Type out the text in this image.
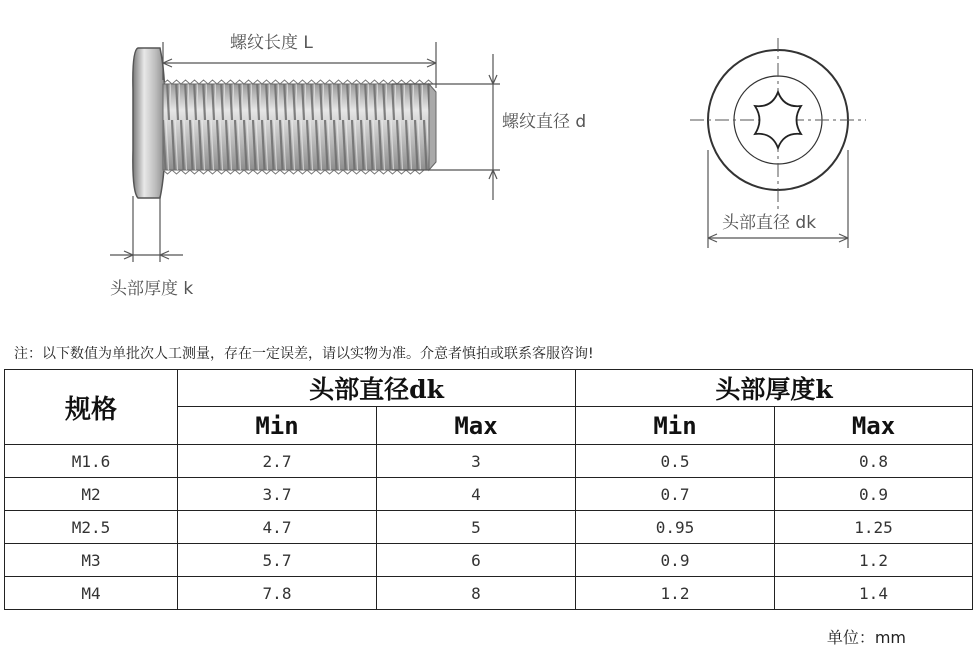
螺纹长度 L
螺纹直径 d
头部厚度 k
头部直径 dk
注：以下数值为单批次人工测量，存在一定误差，请以实物为准。介意者慎拍或联系客服咨询!
规格	头部直径dk		头部厚度k	
	Min	Max	Min	Max
M1.6	2.7	3	0.5	0.8
M2	3.7	4	0.7	0.9
M2.5	4.7	5	0.95	1.25
M3	5.7	6	0.9	1.2
M4	7.8	8	1.2	1.4
单位：mm
